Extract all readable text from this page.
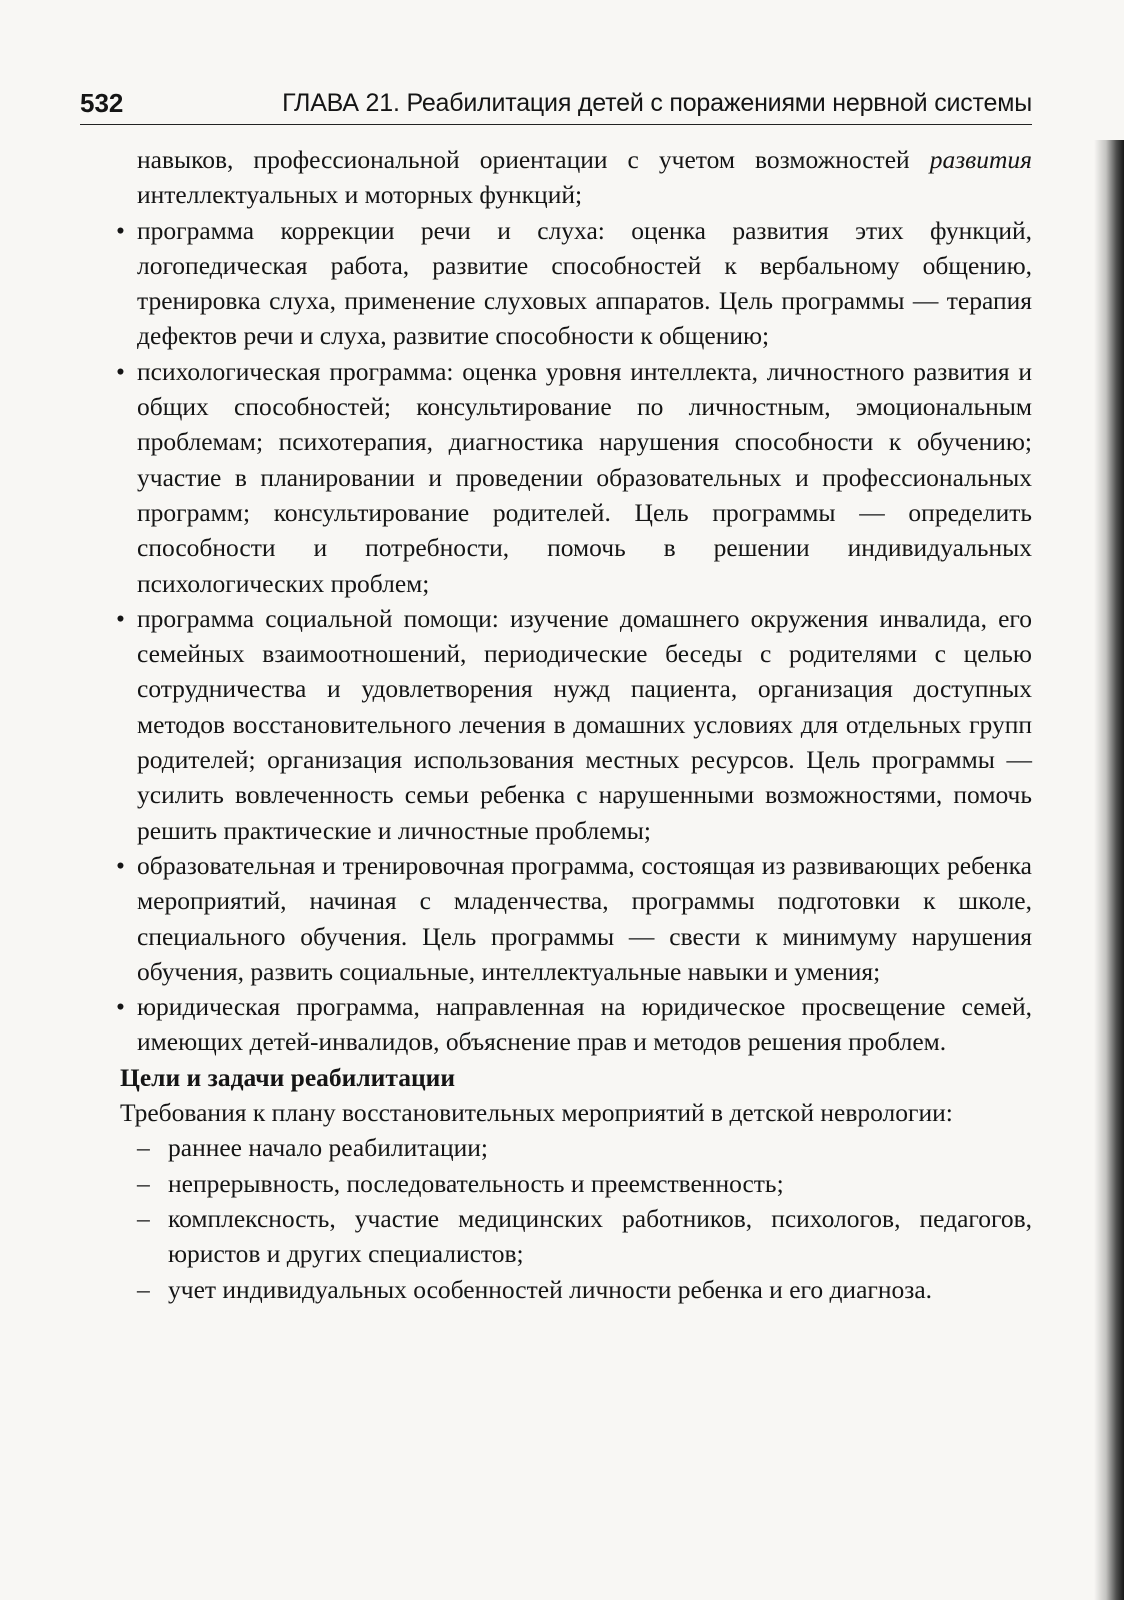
532	ГЛАВА 21. Реабилитация детей с поражениями нервной системы

навыков, профессиональной ориентации с учетом возможностей развития интеллектуальных и моторных функций;

• программа коррекции речи и слуха: оценка развития этих функций, логопедическая работа, развитие способностей к вербальному общению, тренировка слуха, применение слуховых аппаратов. Цель программы — терапия дефектов речи и слуха, развитие способности к общению;
• психологическая программа: оценка уровня интеллекта, личностного развития и общих способностей; консультирование по личностным, эмоциональным проблемам; психотерапия, диагностика нарушения способности к обучению; участие в планировании и проведении образовательных и профессиональных программ; консультирование родителей. Цель программы — определить способности и потребности, помочь в решении индивидуальных психологических проблем;
• программа социальной помощи: изучение домашнего окружения инвалида, его семейных взаимоотношений, периодические беседы с родителями с целью сотрудничества и удовлетворения нужд пациента, организация доступных методов восстановительного лечения в домашних условиях для отдельных групп родителей; организация использования местных ресурсов. Цель программы — усилить вовлеченность семьи ребенка с нарушенными возможностями, помочь решить практические и личностные проблемы;
• образовательная и тренировочная программа, состоящая из развивающих ребенка мероприятий, начиная с младенчества, программы подготовки к школе, специального обучения. Цель программы — свести к минимуму нарушения обучения, развить социальные, интеллектуальные навыки и умения;
• юридическая программа, направленная на юридическое просвещение семей, имеющих детей-инвалидов, объяснение прав и методов решения проблем.

Цели и задачи реабилитации

Требования к плану восстановительных мероприятий в детской неврологии:

– раннее начало реабилитации;
– непрерывность, последовательность и преемственность;
– комплексность, участие медицинских работников, психологов, педагогов, юристов и других специалистов;
– учет индивидуальных особенностей личности ребенка и его диагноза.
